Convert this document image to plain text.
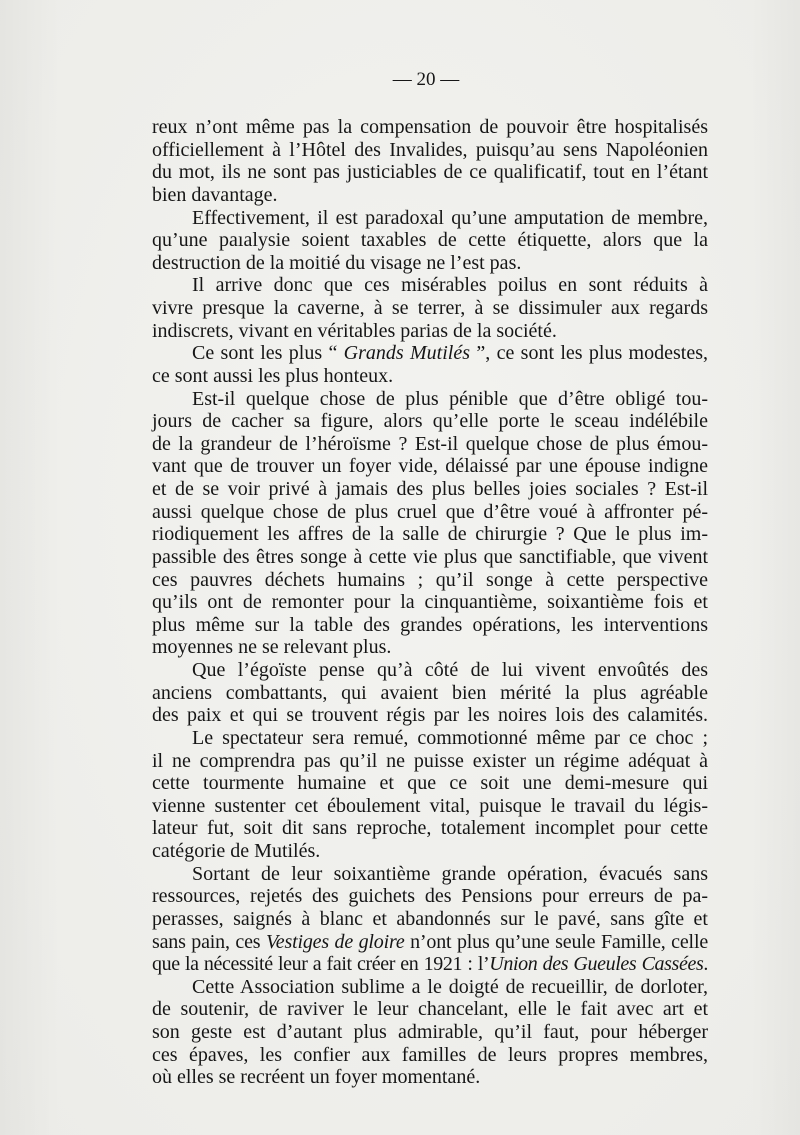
— 20 —
reux n’ont même pas la compensation de pouvoir être hospitalisés
officiellement à l’Hôtel des Invalides, puisqu’au sens Napoléonien
du mot, ils ne sont pas justiciables de ce qualificatif, tout en l’étant
bien davantage.
Effectivement, il est paradoxal qu’une amputation de membre,
qu’une paıalysie soient taxables de cette étiquette, alors que la
destruction de la moitié du visage ne l’est pas.
Il arrive donc que ces misérables poilus en sont réduits à
vivre presque la caverne, à se terrer, à se dissimuler aux regards
indiscrets, vivant en véritables parias de la société.
Ce sont les plus “ Grands Mutilés ”, ce sont les plus modestes,
ce sont aussi les plus honteux.
Est-il quelque chose de plus pénible que d’être obligé tou-
jours de cacher sa figure, alors qu’elle porte le sceau indélébile
de la grandeur de l’héroïsme ? Est-il quelque chose de plus émou-
vant que de trouver un foyer vide, délaissé par une épouse indigne
et de se voir privé à jamais des plus belles joies sociales ? Est-il
aussi quelque chose de plus cruel que d’être voué à affronter pé-
riodiquement les affres de la salle de chirurgie ? Que le plus im-
passible des êtres songe à cette vie plus que sanctifiable, que vivent
ces pauvres déchets humains ; qu’il songe à cette perspective
qu’ils ont de remonter pour la cinquantième, soixantième fois et
plus même sur la table des grandes opérations, les interventions
moyennes ne se relevant plus.
Que l’égoïste pense qu’à côté de lui vivent envoûtés des
anciens combattants, qui avaient bien mérité la plus agréable
des paix et qui se trouvent régis par les noires lois des calamités.
Le spectateur sera remué, commotionné même par ce choc ;
il ne comprendra pas qu’il ne puisse exister un régime adéquat à
cette tourmente humaine et que ce soit une demi-mesure qui
vienne sustenter cet éboulement vital, puisque le travail du légis-
lateur fut, soit dit sans reproche, totalement incomplet pour cette
catégorie de Mutilés.
Sortant de leur soixantième grande opération, évacués sans
ressources, rejetés des guichets des Pensions pour erreurs de pa-
perasses, saignés à blanc et abandonnés sur le pavé, sans gîte et
sans pain, ces Vestiges de gloire n’ont plus qu’une seule Famille, celle
que la nécessité leur a fait créer en 1921 : l’Union des Gueules Cassées.
Cette Association sublime a le doigté de recueillir, de dorloter,
de soutenir, de raviver le leur chancelant, elle le fait avec art et
son geste est d’autant plus admirable, qu’il faut, pour héberger
ces épaves, les confier aux familles de leurs propres membres,
où elles se recréent un foyer momentané.
